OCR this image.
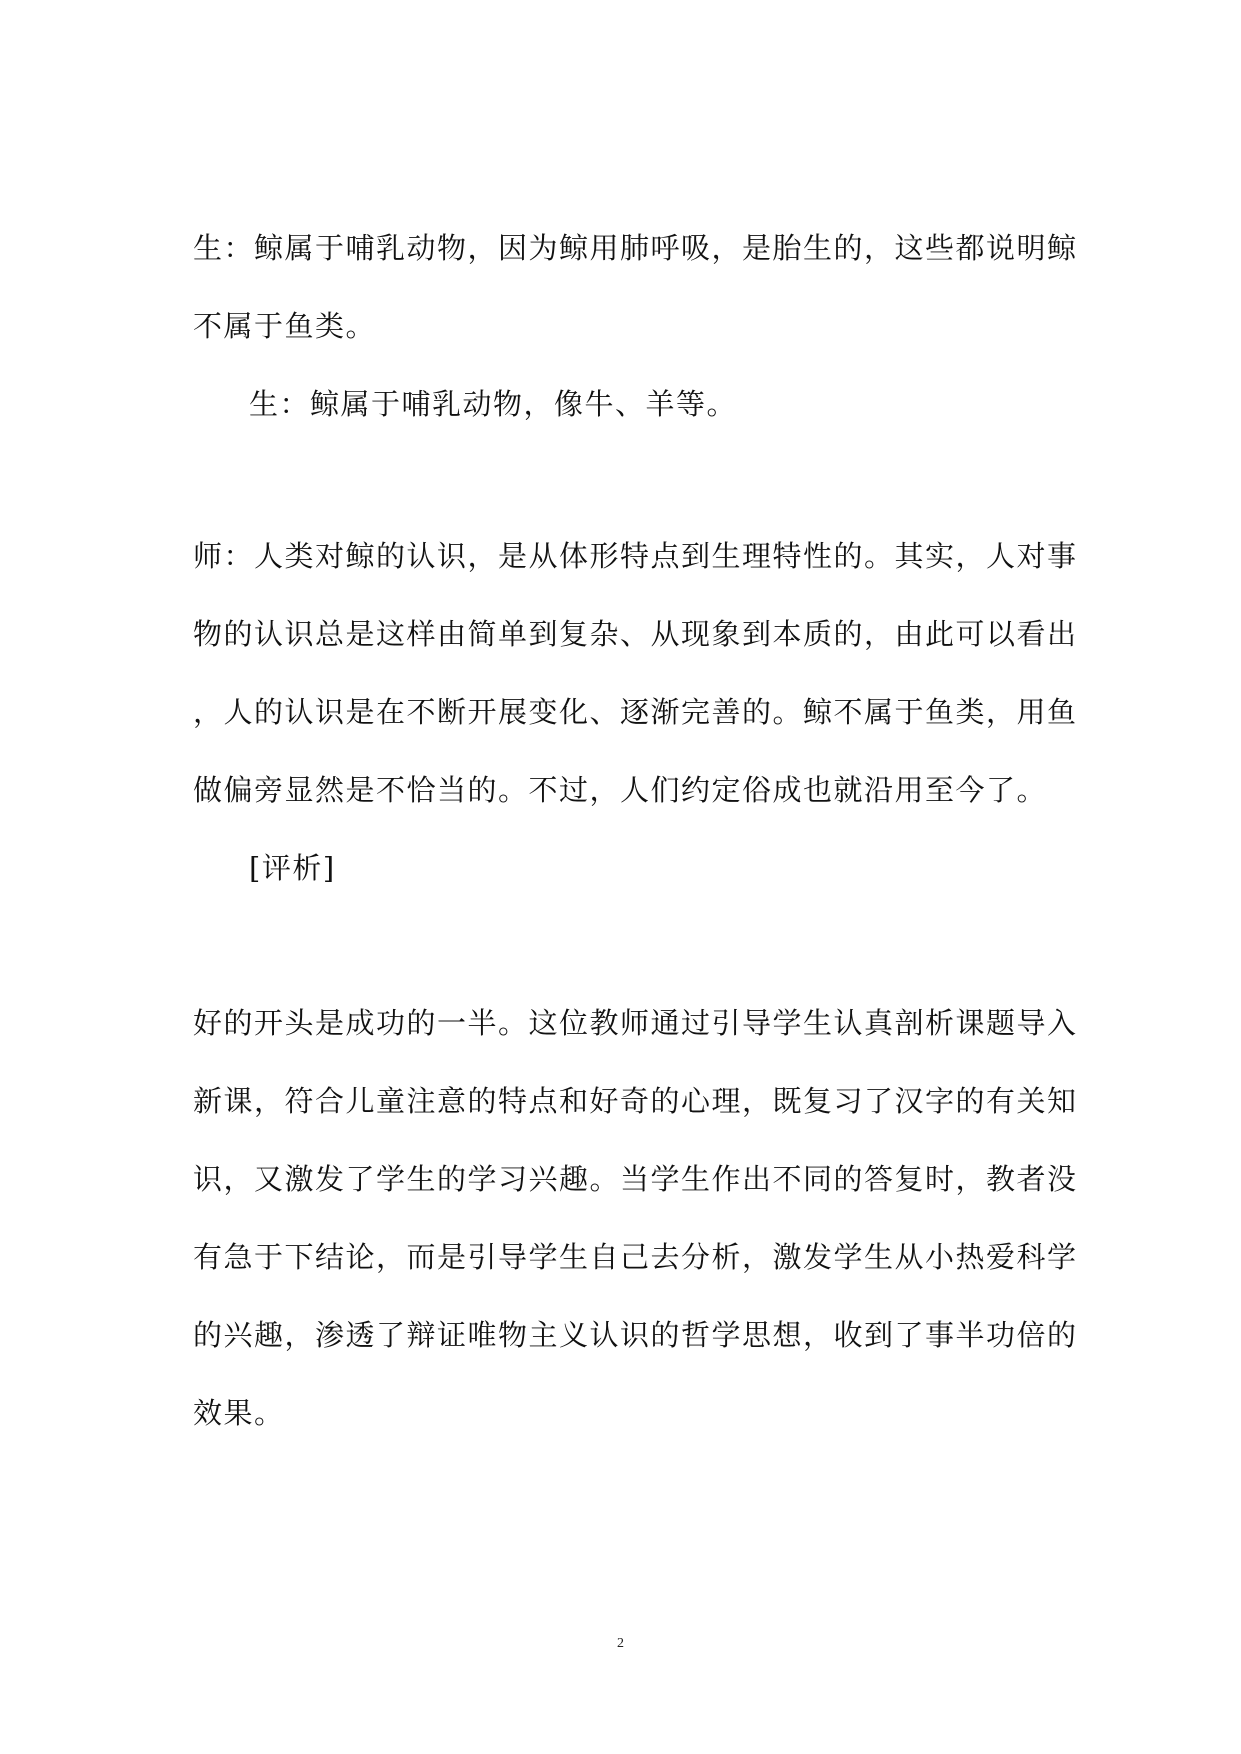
生：鲸属于哺乳动物，因为鲸用肺呼吸，是胎生的，这些都说明鲸
不属于鱼类。
生：鲸属于哺乳动物，像牛、羊等。
师：人类对鲸的认识，是从体形特点到生理特性的。其实，人对事
物的认识总是这样由简单到复杂、从现象到本质的，由此可以看出
，人的认识是在不断开展变化、逐渐完善的。鲸不属于鱼类，用鱼
做偏旁显然是不恰当的。不过，人们约定俗成也就沿用至今了。
[评析]
好的开头是成功的一半。这位教师通过引导学生认真剖析课题导入
新课，符合儿童注意的特点和好奇的心理，既复习了汉字的有关知
识，又激发了学生的学习兴趣。当学生作出不同的答复时，教者没
有急于下结论，而是引导学生自己去分析，激发学生从小热爱科学
的兴趣，渗透了辩证唯物主义认识的哲学思想，收到了事半功倍的
效果。
2
